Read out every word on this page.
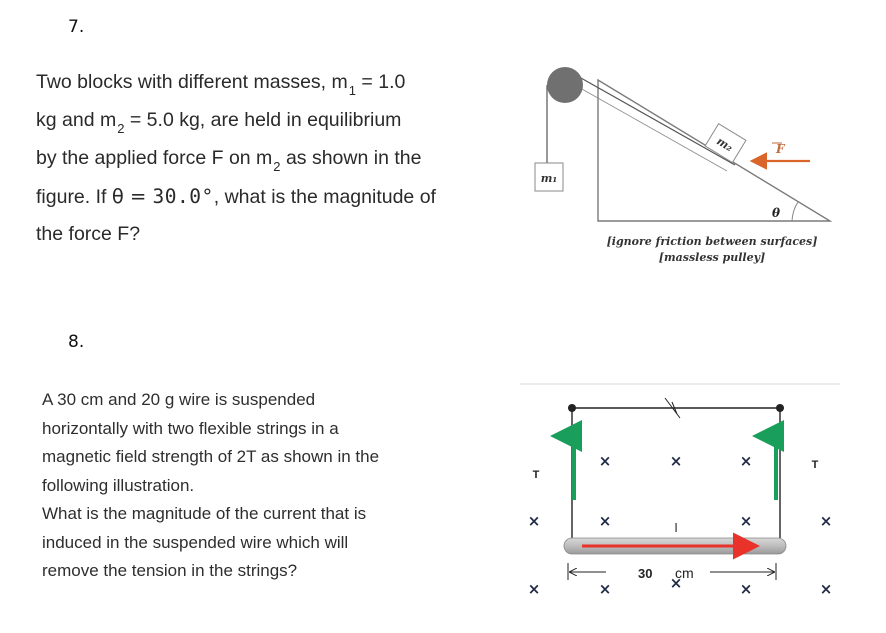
7.
Two blocks with different masses, $m_1 = 1.0$
kg and $m_2 = 5.0$ kg, are held in equilibrium
by the applied force F on $m_2$ as shown in the
figure. If θ = 30.0°, what is the magnitude of
the force F?
m₁
m₂	F
θ
[ignore friction between surfaces]
[massless pulley]
8.
A 30 cm and 20 g wire is suspended
horizontally with two flexible strings in a
magnetic field strength of 2T as shown in the
following illustration.
What is the magnitude of the current that is
induced in the suspended wire which will
remove the tension in the strings?
T
T
I
30 cm
×	×	×
×	×	×	×
×	×	×	×	×
